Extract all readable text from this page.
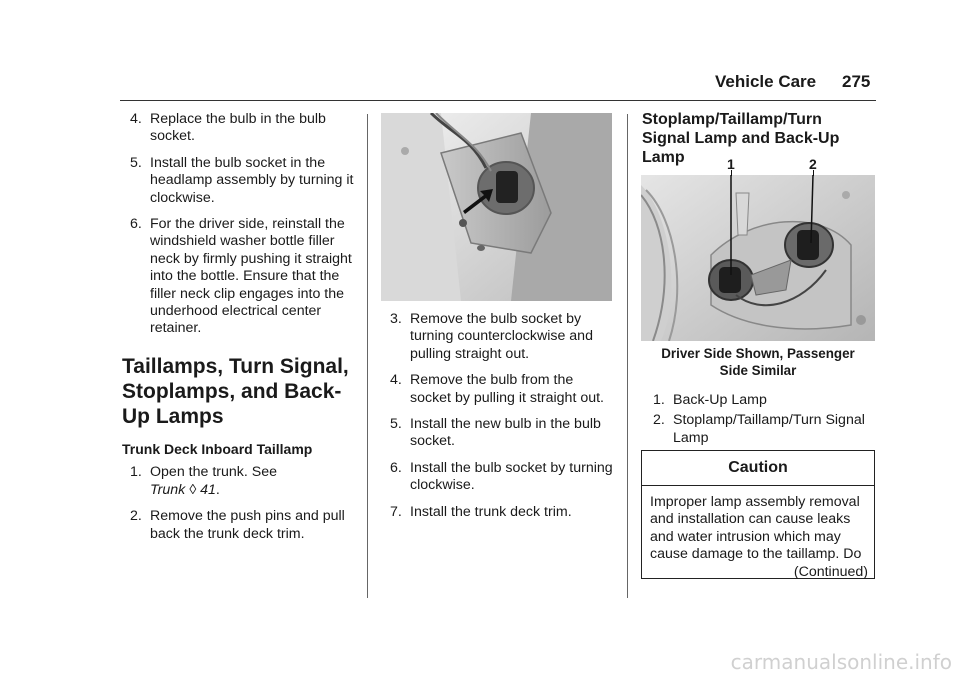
Vehicle Care 275
4. Replace the bulb in the bulb socket.
5. Install the bulb socket in the headlamp assembly by turning it clockwise.
6. For the driver side, reinstall the windshield washer bottle filler neck by firmly pushing it straight into the bottle. Ensure that the filler neck clip engages into the underhood electrical center retainer.
Taillamps, Turn Signal, Stoplamps, and Back-Up Lamps
Trunk Deck Inboard Taillamp
1. Open the trunk. See
Trunk ◊ 41.
2. Remove the push pins and pull back the trunk deck trim.
3. Remove the bulb socket by turning counterclockwise and pulling straight out.
4. Remove the bulb from the socket by pulling it straight out.
5. Install the new bulb in the bulb socket.
6. Install the bulb socket by turning clockwise.
7. Install the trunk deck trim.
Stoplamp/Taillamp/Turn Signal Lamp and Back-Up Lamp	1	2
Driver Side Shown, Passenger Side Similar
1. Back-Up Lamp
2. Stoplamp/Taillamp/Turn Signal Lamp
Caution
Improper lamp assembly removal and installation can cause leaks and water intrusion which may cause damage to the taillamp. Do
(Continued)
carmanualsonline.info
